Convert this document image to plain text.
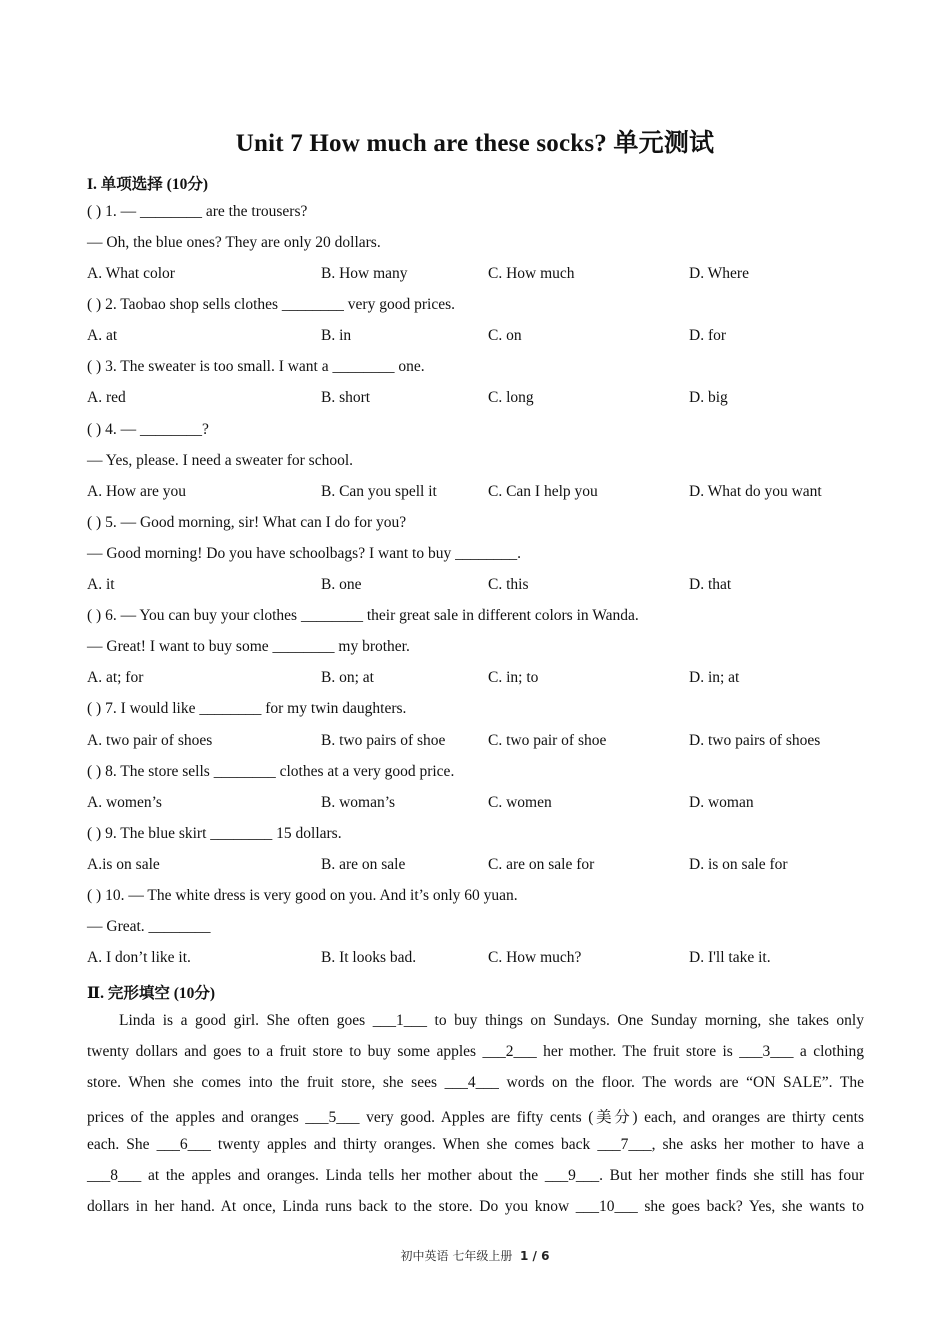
Unit 7 How much are these socks? 单元测试
I. 单项选择 (10分)
( ) 1. — ________ are the trousers?
— Oh, the blue ones? They are only 20 dollars.
A. What color	B. How many	C. How much	D. Where
( ) 2. Taobao shop sells clothes ________ very good prices.
A. at	B. in	C. on	D. for
( ) 3. The sweater is too small. I want a ________ one.
A. red	B. short	C. long	D. big
( ) 4. — ________?
— Yes, please. I need a sweater for school.
A. How are you	B. Can you spell it	C. Can I help you	D. What do you want
( ) 5. — Good morning, sir! What can I do for you?
— Good morning! Do you have schoolbags? I want to buy ________.
A. it	B. one	C. this	D. that
( ) 6. — You can buy your clothes ________ their great sale in different colors in Wanda.
— Great! I want to buy some ________ my brother.
A. at; for	B. on; at	C. in; to	D. in; at
( ) 7. I would like ________ for my twin daughters.
A. two pair of shoes	B. two pairs of shoe	C. two pair of shoe	D. two pairs of shoes
( ) 8. The store sells ________ clothes at a very good price.
A. women’s	B. woman’s	C. women	D. woman
( ) 9. The blue skirt ________ 15 dollars.
A.is on sale	B. are on sale	C. are on sale for	D. is on sale for
( ) 10. — The white dress is very good on you. And it’s only 60 yuan.
— Great. ________
A. I don’t like it.	B. It looks bad.	C. How much?	D. I'll take it.
Ⅱ. 完形填空 (10分)
Linda is a good girl. She often goes ___1___ to buy things on Sundays. One Sunday morning, she takes only
twenty dollars and goes to a fruit store to buy some apples ___2___ her mother. The fruit store is ___3___ a clothing
store. When she comes into the fruit store, she sees ___4___ words on the floor. The words are “ON SALE”. The
prices of the apples and oranges ___5___ very good. Apples are fifty cents (美分) each, and oranges are thirty cents
each. She ___6___ twenty apples and thirty oranges. When she comes back ___7___, she asks her mother to have a
___8___ at the apples and oranges. Linda tells her mother about the ___9___. But her mother finds she still has four
dollars in her hand. At once, Linda runs back to the store. Do you know ___10___ she goes back? Yes, she wants to
初中英语 七年级上册 1 / 6
